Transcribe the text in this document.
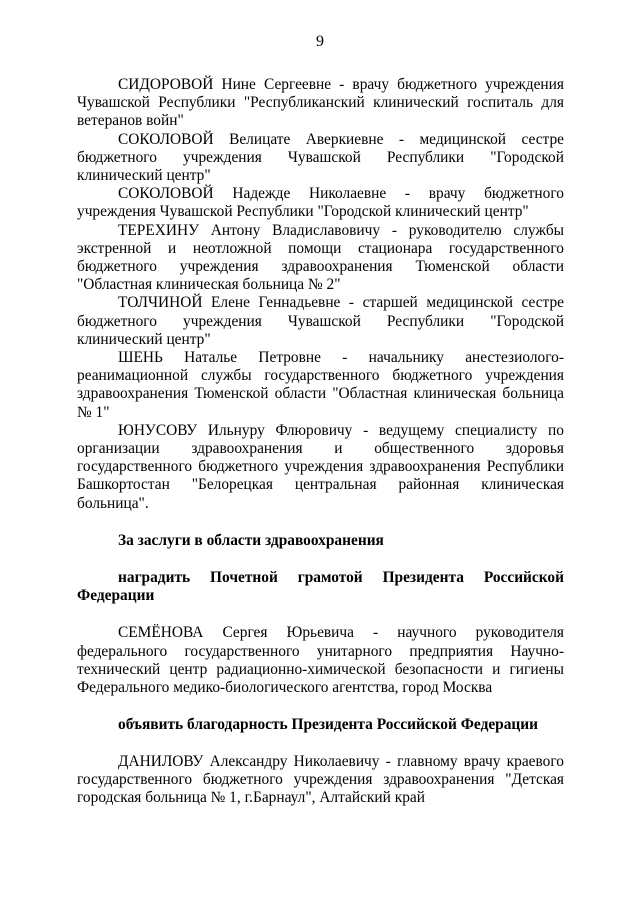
9

СИДОРОВОЙ Нине Сергеевне - врачу бюджетного учреждения Чувашской Республики "Республиканский клинический госпиталь для ветеранов войн"

СОКОЛОВОЙ Велицате Аверкиевне - медицинской сестре бюджетного учреждения Чувашской Республики "Городской клинический центр"

СОКОЛОВОЙ Надежде Николаевне - врачу бюджетного учреждения Чувашской Республики "Городской клинический центр"

ТЕРЕХИНУ Антону Владиславовичу - руководителю службы экстренной и неотложной помощи стационара государственного бюджетного учреждения здравоохранения Тюменской области "Областная клиническая больница № 2"

ТОЛЧИНОЙ Елене Геннадьевне - старшей медицинской сестре бюджетного учреждения Чувашской Республики "Городской клинический центр"

ШЕНЬ Наталье Петровне - начальнику анестезиолого-реанимационной службы государственного бюджетного учреждения здравоохранения Тюменской области "Областная клиническая больница № 1"

ЮНУСОВУ Ильнуру Флюровичу - ведущему специалисту по организации здравоохранения и общественного здоровья государственного бюджетного учреждения здравоохранения Республики Башкортостан "Белорецкая центральная районная клиническая больница".

За заслуги в области здравоохранения

наградить Почетной грамотой Президента Российской Федерации

СЕМЁНОВА Сергея Юрьевича - научного руководителя федерального государственного унитарного предприятия Научно-технический центр радиационно-химической безопасности и гигиены Федерального медико-биологического агентства, город Москва

объявить благодарность Президента Российской Федерации

ДАНИЛОВУ Александру Николаевичу - главному врачу краевого государственного бюджетного учреждения здравоохранения "Детская городская больница № 1, г.Барнаул", Алтайский край
